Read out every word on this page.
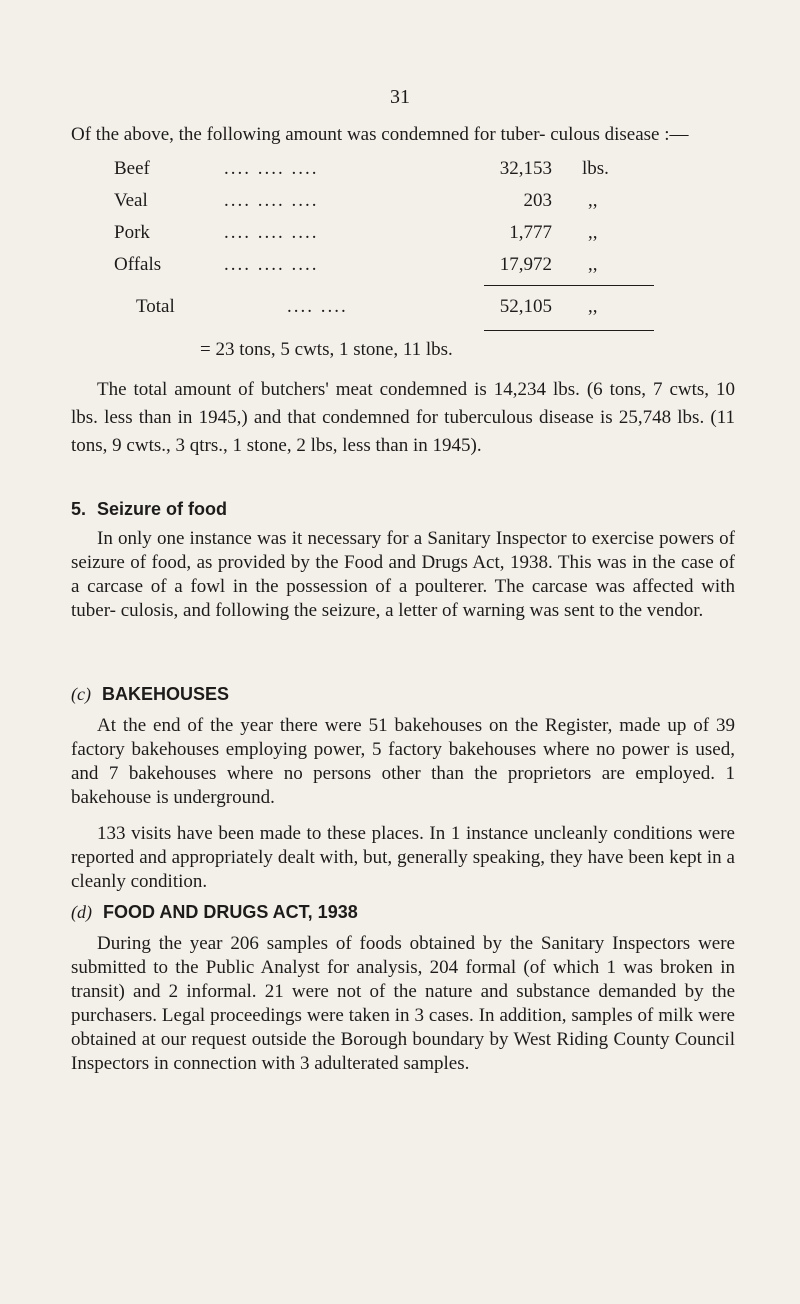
31
Of the above, the following amount was condemned for tuber- culous disease :—
Beef	.... .... ....	32,153 lbs.
Veal	.... .... ....	203 ,,
Pork	.... .... ....	1,777 ,,
Offals	.... .... ....	17,972 ,,
Total	.... ....	52,105 ,,
= 23 tons, 5 cwts, 1 stone, 11 lbs.
The total amount of butchers' meat condemned is 14,234 lbs. (6 tons, 7 cwts, 10 lbs. less than in 1945,) and that condemned for tuberculous disease is 25,748 lbs. (11 tons, 9 cwts., 3 qtrs., 1 stone, 2 lbs, less than in 1945).
5. Seizure of food
In only one instance was it necessary for a Sanitary Inspector to exercise powers of seizure of food, as provided by the Food and Drugs Act, 1938. This was in the case of a carcase of a fowl in the possession of a poulterer. The carcase was affected with tuber- culosis, and following the seizure, a letter of warning was sent to the vendor.
(c) BAKEHOUSES
At the end of the year there were 51 bakehouses on the Register, made up of 39 factory bakehouses employing power, 5 factory bakehouses where no power is used, and 7 bakehouses where no persons other than the proprietors are employed. 1 bakehouse is underground.
133 visits have been made to these places. In 1 instance uncleanly conditions were reported and appropriately dealt with, but, generally speaking, they have been kept in a cleanly condition.
(d) FOOD AND DRUGS ACT, 1938
During the year 206 samples of foods obtained by the Sanitary Inspectors were submitted to the Public Analyst for analysis, 204 formal (of which 1 was broken in transit) and 2 informal. 21 were not of the nature and substance demanded by the purchasers. Legal proceedings were taken in 3 cases. In addition, samples of milk were obtained at our request outside the Borough boundary by West Riding County Council Inspectors in connection with 3 adulterated samples.
